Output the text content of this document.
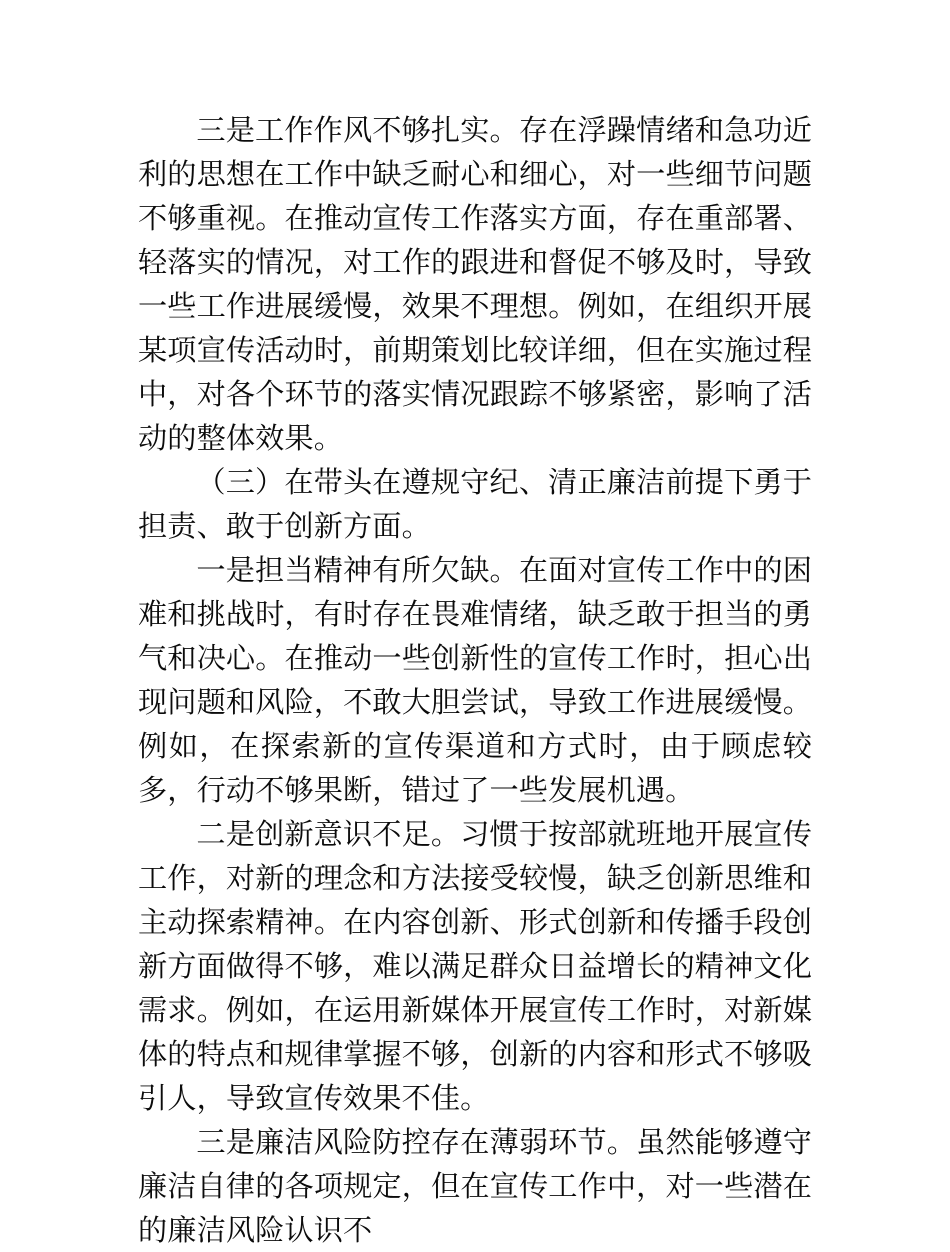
三是工作作风不够扎实。存在浮躁情绪和急功近利的思想在工作中缺乏耐心和细心，对一些细节问题不够重视。在推动宣传工作落实方面，存在重部署、轻落实的情况，对工作的跟进和督促不够及时，导致一些工作进展缓慢，效果不理想。例如，在组织开展某项宣传活动时，前期策划比较详细，但在实施过程中，对各个环节的落实情况跟踪不够紧密，影响了活动的整体效果。

（三）在带头在遵规守纪、清正廉洁前提下勇于担责、敢于创新方面。

一是担当精神有所欠缺。在面对宣传工作中的困难和挑战时，有时存在畏难情绪，缺乏敢于担当的勇气和决心。在推动一些创新性的宣传工作时，担心出现问题和风险，不敢大胆尝试，导致工作进展缓慢。例如，在探索新的宣传渠道和方式时，由于顾虑较多，行动不够果断，错过了一些发展机遇。

二是创新意识不足。习惯于按部就班地开展宣传工作，对新的理念和方法接受较慢，缺乏创新思维和主动探索精神。在内容创新、形式创新和传播手段创新方面做得不够，难以满足群众日益增长的精神文化需求。例如，在运用新媒体开展宣传工作时，对新媒体的特点和规律掌握不够，创新的内容和形式不够吸引人，导致宣传效果不佳。

三是廉洁风险防控存在薄弱环节。虽然能够遵守廉洁自律的各项规定，但在宣传工作中，对一些潜在的廉洁风险认识不
